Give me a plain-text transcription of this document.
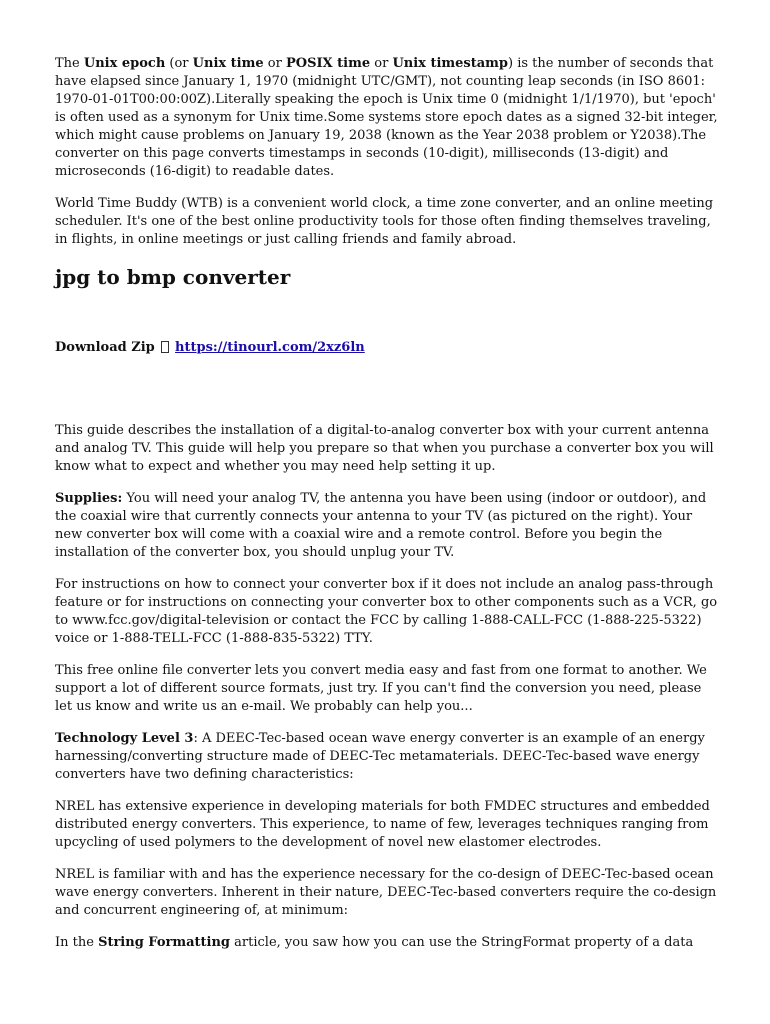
The Unix epoch (or Unix time or POSIX time or Unix timestamp) is the number of seconds that have elapsed since January 1, 1970 (midnight UTC/GMT), not counting leap seconds (in ISO 8601: 1970-01-01T00:00:00Z).Literally speaking the epoch is Unix time 0 (midnight 1/1/1970), but 'epoch' is often used as a synonym for Unix time.Some systems store epoch dates as a signed 32-bit integer, which might cause problems on January 19, 2038 (known as the Year 2038 problem or Y2038).The converter on this page converts timestamps in seconds (10-digit), milliseconds (13-digit) and microseconds (16-digit) to readable dates.

World Time Buddy (WTB) is a convenient world clock, a time zone converter, and an online meeting scheduler. It's one of the best online productivity tools for those often finding themselves traveling, in flights, in online meetings or just calling friends and family abroad.

jpg to bmp converter

Download Zip https://tinourl.com/2xz6ln

This guide describes the installation of a digital-to-analog converter box with your current antenna and analog TV. This guide will help you prepare so that when you purchase a converter box you will know what to expect and whether you may need help setting it up.

Supplies: You will need your analog TV, the antenna you have been using (indoor or outdoor), and the coaxial wire that currently connects your antenna to your TV (as pictured on the right). Your new converter box will come with a coaxial wire and a remote control. Before you begin the installation of the converter box, you should unplug your TV.

For instructions on how to connect your converter box if it does not include an analog pass-through feature or for instructions on connecting your converter box to other components such as a VCR, go to www.fcc.gov/digital-television or contact the FCC by calling 1-888-CALL-FCC (1-888-225-5322) voice or 1-888-TELL-FCC (1-888-835-5322) TTY.

This free online file converter lets you convert media easy and fast from one format to another. We support a lot of different source formats, just try. If you can't find the conversion you need, please let us know and write us an e-mail. We probably can help you...

Technology Level 3: A DEEC-Tec-based ocean wave energy converter is an example of an energy harnessing/converting structure made of DEEC-Tec metamaterials. DEEC-Tec-based wave energy converters have two defining characteristics:

NREL has extensive experience in developing materials for both FMDEC structures and embedded distributed energy converters. This experience, to name of few, leverages techniques ranging from upcycling of used polymers to the development of novel new elastomer electrodes.

NREL is familiar with and has the experience necessary for the co-design of DEEC-Tec-based ocean wave energy converters. Inherent in their nature, DEEC-Tec-based converters require the co-design and concurrent engineering of, at minimum:

In the String Formatting article, you saw how you can use the StringFormat property of a data
